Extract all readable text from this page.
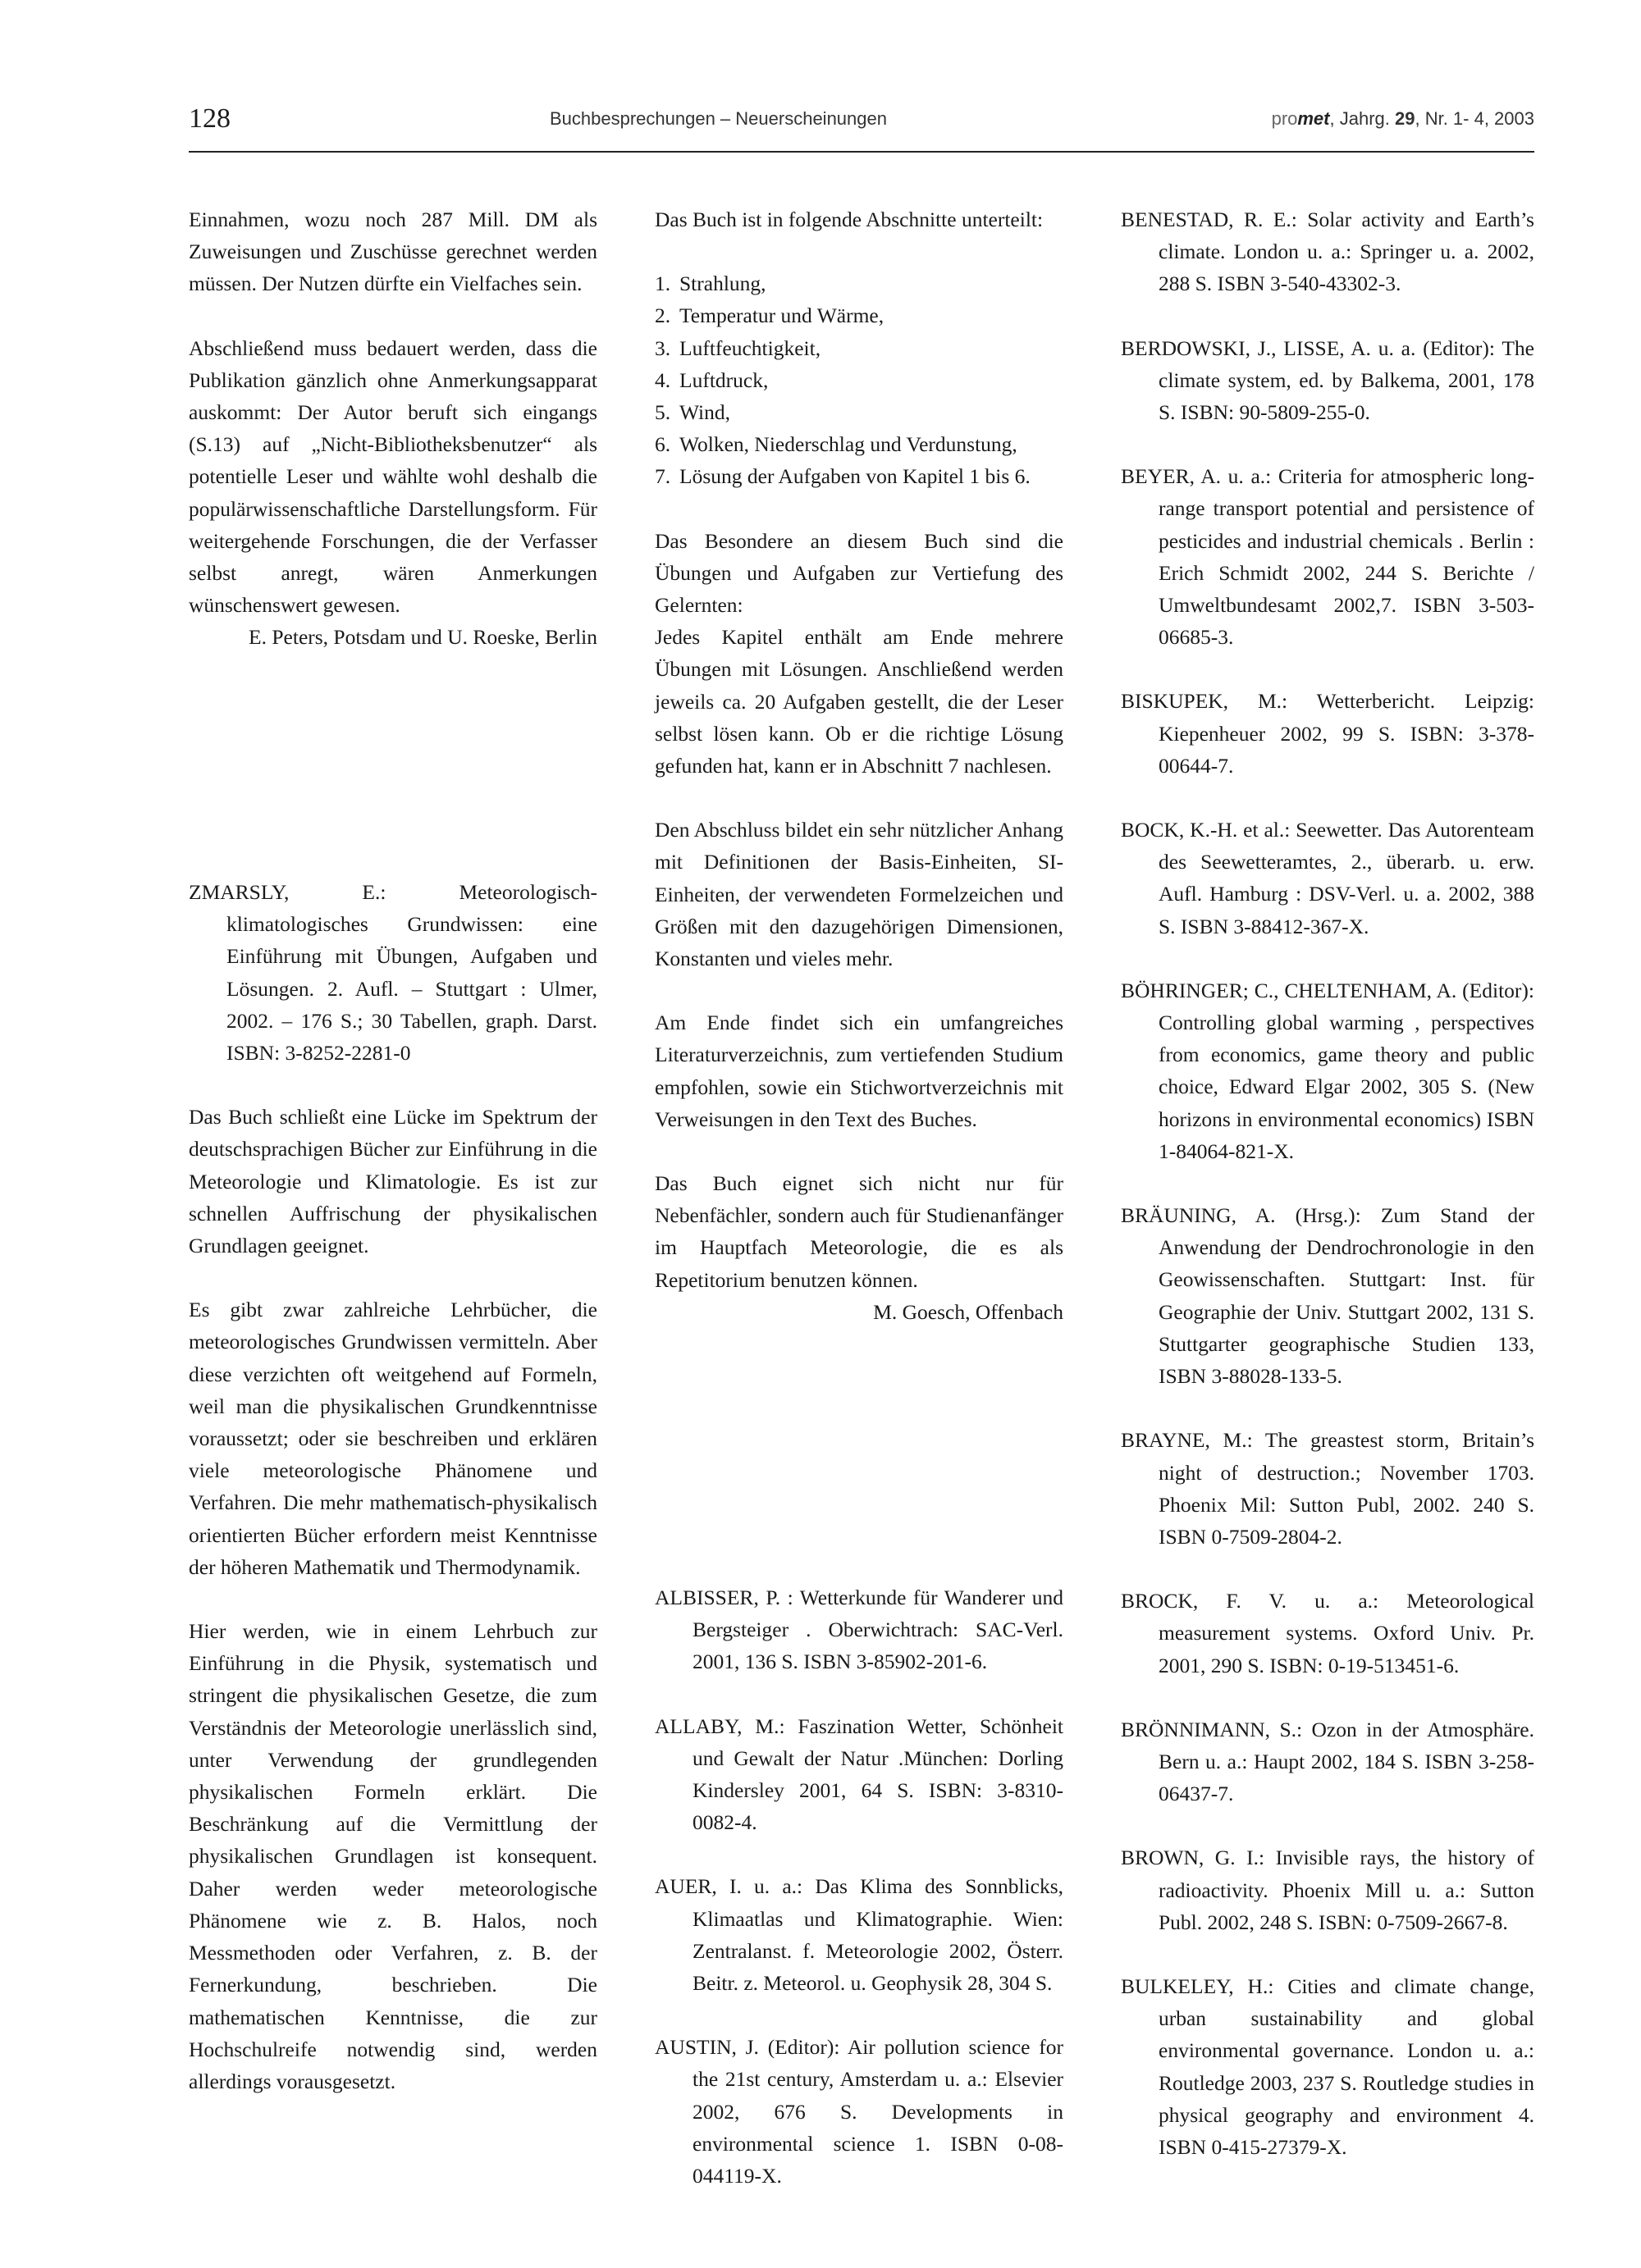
128	Buchbesprechungen – Neuerscheinungen	promet, Jahrg. 29, Nr. 1- 4, 2003

Einnahmen, wozu noch 287 Mill. DM als Zuweisungen und Zuschüsse gerechnet werden müssen. Der Nutzen dürfte ein Vielfaches sein.

Abschließend muss bedauert werden, dass die Publikation gänzlich ohne Anmerkungsapparat auskommt: Der Autor beruft sich eingangs (S.13) auf „Nicht-Bibliotheksbenutzer“ als potentielle Leser und wählte wohl deshalb die populärwissenschaftliche Darstellungsform. Für weitergehende Forschungen, die der Verfasser selbst anregt, wären Anmerkungen wünschenswert gewesen.

E. Peters, Potsdam und U. Roeske, Berlin

ZMARSLY, E.: Meteorologisch-klimatologisches Grundwissen: eine Einführung mit Übungen, Aufgaben und Lösungen. 2. Aufl. – Stuttgart : Ulmer, 2002. – 176 S.; 30 Tabellen, graph. Darst. ISBN: 3-8252-2281-0

Das Buch schließt eine Lücke im Spektrum der deutschsprachigen Bücher zur Einführung in die Meteorologie und Klimatologie. Es ist zur schnellen Auffrischung der physikalischen Grundlagen geeignet.

Es gibt zwar zahlreiche Lehrbücher, die meteorologisches Grundwissen vermitteln. Aber diese verzichten oft weitgehend auf Formeln, weil man die physikalischen Grundkenntnisse voraussetzt; oder sie beschreiben und erklären viele meteorologische Phänomene und Verfahren. Die mehr mathematisch-physikalisch orientierten Bücher erfordern meist Kenntnisse der höheren Mathematik und Thermodynamik.

Hier werden, wie in einem Lehrbuch zur Einführung in die Physik, systematisch und stringent die physikalischen Gesetze, die zum Verständnis der Meteorologie unerlässlich sind, unter Verwendung der grundlegenden physikalischen Formeln erklärt. Die Beschränkung auf die Vermittlung der physikalischen Grundlagen ist konsequent. Daher werden weder meteorologische Phänomene wie z. B. Halos, noch Messmethoden oder Verfahren, z. B. der Fernerkundung, beschrieben. Die mathematischen Kenntnisse, die zur Hochschulreife notwendig sind, werden allerdings vorausgesetzt.

Das Buch ist in folgende Abschnitte unterteilt:

1. Strahlung,
2. Temperatur und Wärme,
3. Luftfeuchtigkeit,
4. Luftdruck,
5. Wind,
6. Wolken, Niederschlag und Verdunstung,
7. Lösung der Aufgaben von Kapitel 1 bis 6.

Das Besondere an diesem Buch sind die Übungen und Aufgaben zur Vertiefung des Gelernten:

Jedes Kapitel enthält am Ende mehrere Übungen mit Lösungen. Anschließend werden jeweils ca. 20 Aufgaben gestellt, die der Leser selbst lösen kann. Ob er die richtige Lösung gefunden hat, kann er in Abschnitt 7 nachlesen.

Den Abschluss bildet ein sehr nützlicher Anhang mit Definitionen der Basis-Einheiten, SI-Einheiten, der verwendeten Formelzeichen und Größen mit den dazugehörigen Dimensionen, Konstanten und vieles mehr.

Am Ende findet sich ein umfangreiches Literaturverzeichnis, zum vertiefenden Studium empfohlen, sowie ein Stichwortverzeichnis mit Verweisungen in den Text des Buches.

Das Buch eignet sich nicht nur für Nebenfächler, sondern auch für Studienanfänger im Hauptfach Meteorologie, die es als Repetitorium benutzen können.

M. Goesch, Offenbach

ALBISSER, P. : Wetterkunde für Wanderer und Bergsteiger . Oberwichtrach: SAC-Verl. 2001, 136 S. ISBN 3-85902-201-6.

ALLABY, M.: Faszination Wetter, Schönheit und Gewalt der Natur .München: Dorling Kindersley 2001, 64 S. ISBN: 3-8310-0082-4.

AUER, I. u. a.: Das Klima des Sonnblicks, Klimaatlas und Klimatographie. Wien: Zentralanst. f. Meteorologie 2002, Österr. Beitr. z. Meteorol. u. Geophysik 28, 304 S.

AUSTIN, J. (Editor): Air pollution science for the 21st century, Amsterdam u. a.: Elsevier 2002, 676 S. Developments in environmental science 1. ISBN 0-08-044119-X.

BENESTAD, R. E.: Solar activity and Earth’s climate. London u. a.: Springer u. a. 2002, 288 S. ISBN 3-540-43302-3.

BERDOWSKI, J., LISSE, A. u. a. (Editor): The climate system, ed. by Balkema, 2001, 178 S. ISBN: 90-5809-255-0.

BEYER, A. u. a.: Criteria for atmospheric long-range transport potential and persistence of pesticides and industrial chemicals . Berlin : Erich Schmidt 2002, 244 S. Berichte / Umweltbundesamt 2002,7. ISBN 3-503-06685-3.

BISKUPEK, M.: Wetterbericht. Leipzig: Kiepenheuer 2002, 99 S. ISBN: 3-378-00644-7.

BOCK, K.-H. et al.: Seewetter. Das Autorenteam des Seewetteramtes, 2., überarb. u. erw. Aufl. Hamburg : DSV-Verl. u. a. 2002, 388 S. ISBN 3-88412-367-X.

BÖHRINGER; C., CHELTENHAM, A. (Editor): Controlling global warming , perspectives from economics, game theory and public choice, Edward Elgar 2002, 305 S. (New horizons in environmental economics) ISBN 1-84064-821-X.

BRÄUNING, A. (Hrsg.): Zum Stand der Anwendung der Dendrochronologie in den Geowissenschaften. Stuttgart: Inst. für Geographie der Univ. Stuttgart 2002, 131 S. Stuttgarter geographische Studien 133, ISBN 3-88028-133-5.

BRAYNE, M.: The greastest storm, Britain’s night of destruction.; November 1703. Phoenix Mil: Sutton Publ, 2002. 240 S. ISBN 0-7509-2804-2.

BROCK, F. V. u. a.: Meteorological measurement systems. Oxford Univ. Pr. 2001, 290 S. ISBN: 0-19-513451-6.

BRÖNNIMANN, S.: Ozon in der Atmosphäre. Bern u. a.: Haupt 2002, 184 S. ISBN 3-258-06437-7.

BROWN, G. I.: Invisible rays, the history of radioactivity. Phoenix Mill u. a.: Sutton Publ. 2002, 248 S. ISBN: 0-7509-2667-8.

BULKELEY, H.: Cities and climate change, urban sustainability and global environmental governance. London u. a.: Routledge 2003, 237 S. Routledge studies in physical geography and environment 4. ISBN 0-415-27379-X.
